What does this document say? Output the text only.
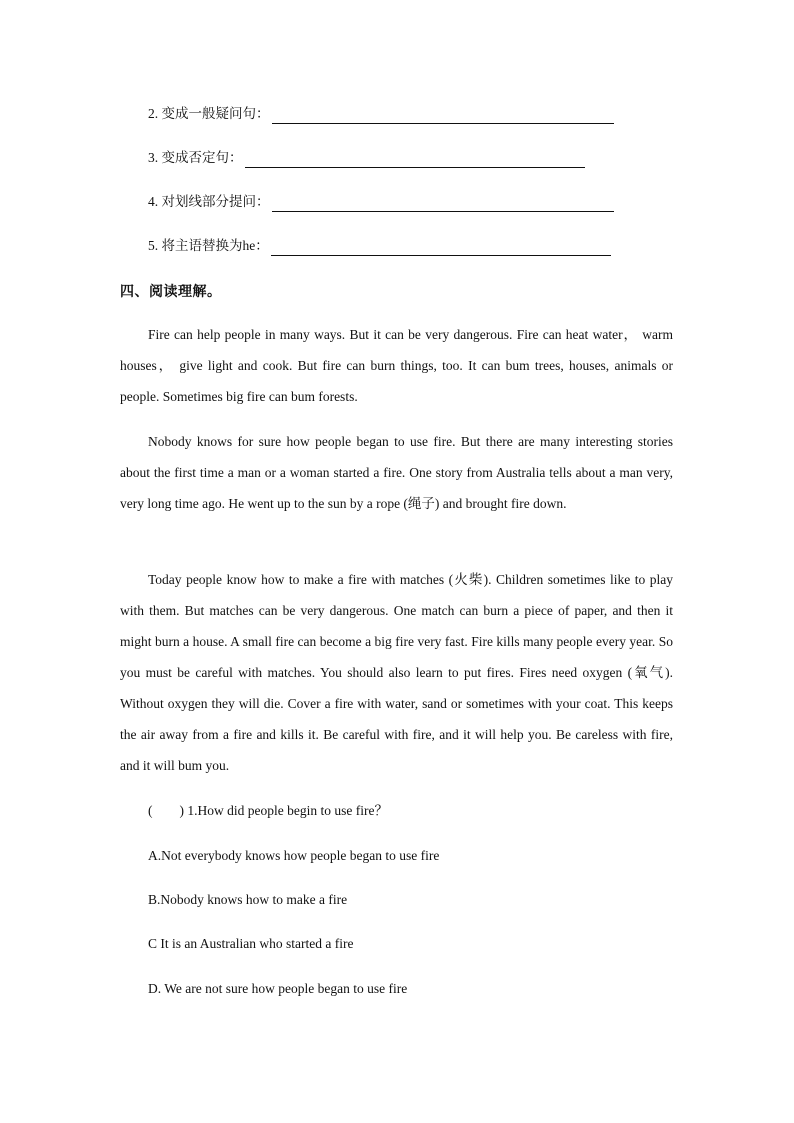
2.
变成一般疑问句：
3.
变成否定句：
4.
对划线部分提问：
5.
将主语替换为he：
四、阅读理解。

Fire can help people in many ways. But it can be very dangerous. Fire can heat water， warm houses， give light and cook. But fire can burn things, too. It can bum trees, houses, animals or people. Sometimes big fire can bum forests.

Nobody knows for sure how people began to use fire. But there are many interesting stories about the first time a man or a woman started a fire. One story from Australia tells about a man very, very long time ago. He went up to the sun by a rope (绳子) and brought fire down.

Today people know how to make a fire with matches (火柴). Children sometimes like to play with them. But matches can be very dangerous. One match can burn a piece of paper, and then it might burn a house. A small fire can become a big fire very fast. Fire kills many people every year. So you must be careful with matches. You should also learn to put fires. Fires need oxygen (氧气). Without oxygen they will die. Cover a fire with water, sand or sometimes with your coat. This keeps the air away from a fire and kills it. Be careful with fire, and it will help you. Be careless with fire, and it will bum you.

(　　) 1.How did people begin to use fire？
A.Not everybody knows how people began to use fire
B.Nobody knows how to make a fire
C It is an Australian who started a fire
D. We are not sure how people began to use fire
